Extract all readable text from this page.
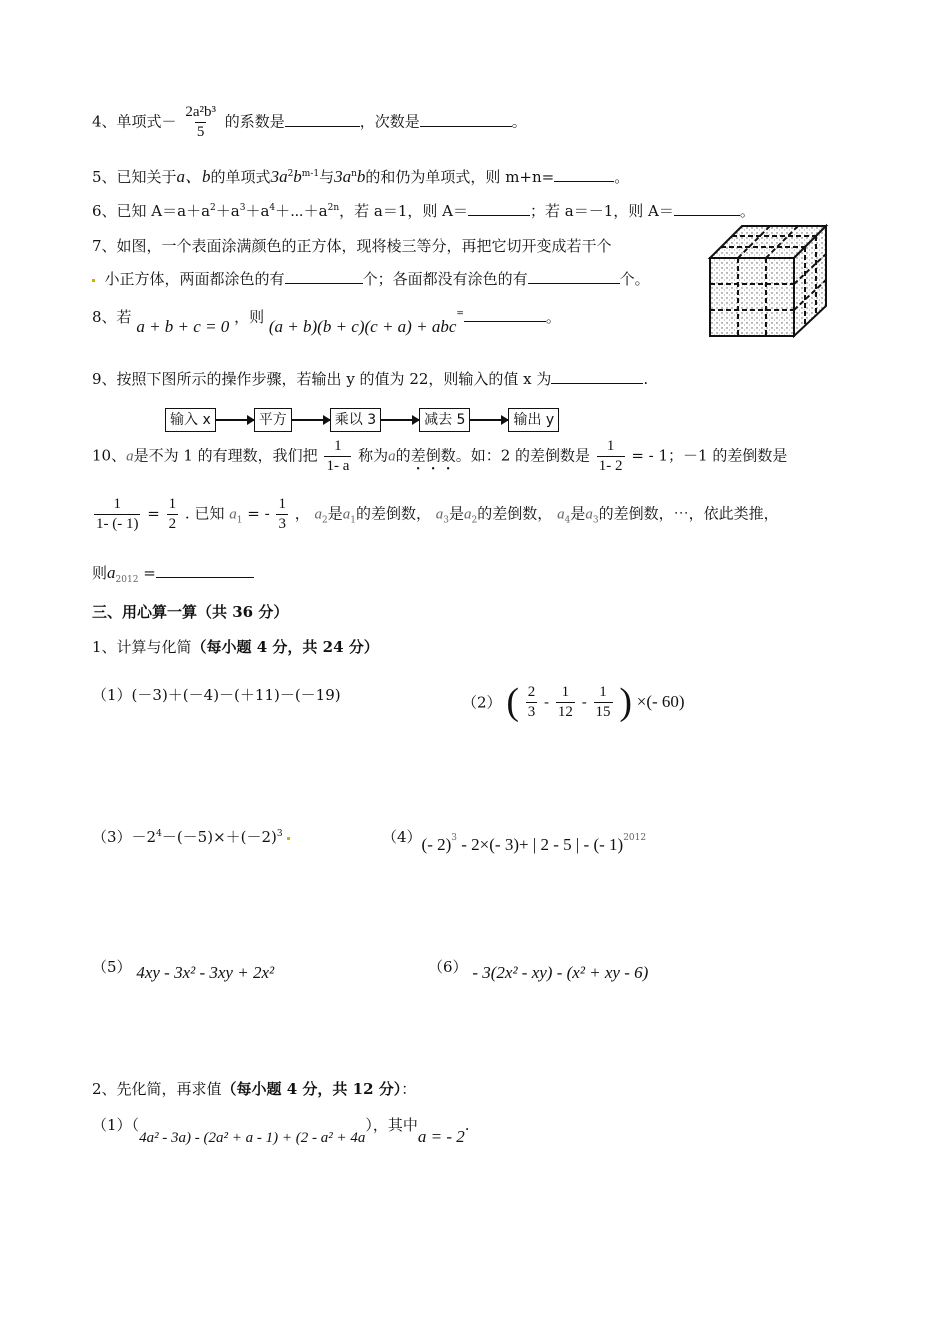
4、单项式－ $\frac{\text{2a²b³}}{5}$ 的系数是	，次数是	。
5、已知关于a、b的单项式$3a^2b^{m-1}$与$3a^nb$的和仍为单项式，则 m+n=	。
6、已知 $A=a+a^2+a^3+a^4+\cdots+a^{2n}$，若 a＝1，则 A＝	；若 a＝－1，则 A＝	。
7、如图，一个表面涂满颜色的正方体，现将棱三等分，再把它切开变成若干个
小正方体，两面都涂色的有	个；各面都没有涂色的有	个。
8、若 a + b + c = 0 ，则 (a + b)(b + c)(c + a) + abc=	。
9、按照下图所示的操作步骤，若输出 y 的值为 22，则输入的值 x 为	.
输入 x	平方	乘以 3	减去 5	输出 y
10、a是不为 1 的有理数，我们把 $\frac{1}{1- a}$ 称为a的差倒数。如：2 的差倒数是 $\frac{1}{1- 2}$ = - 1；－1 的差倒数是
$\frac{1}{1- (- 1)} = \frac{1}{2}$ . 已知 $a_1$ = - $\frac{1}{3}$ ， $a_2$是$a_1$的差倒数， $a_3$是$a_2$的差倒数， $a_4$是$a_3$的差倒数，⋯，依此类推，
则$a_{2012}$ =
三、用心算一算（共 36 分）
1、计算与化简（每小题 4 分，共 24 分）
（1）(－3)＋(－4)－(＋11)－(－19)	（2） ( $\frac{2}{3} - \frac{1}{12} - \frac{1}{15}$ ) ×(- 60)
$(3)-2^4-(-5)\times+(-2)^3$	（4）(- 2)$^3$ - 2×(- 3)+ | 2 - 5 | - (- 1)$^{2012}$
（5） 4xy - 3x² - 3xy + 2x²	（6） - 3(2x² - xy) - (x² + xy - 6)
2、先化简，再求值（每小题 4 分，共 12 分）：
（1）（4a² - 3a) - (2a² + a - 1) + (2 - a² + 4a），其中a = - 2.
